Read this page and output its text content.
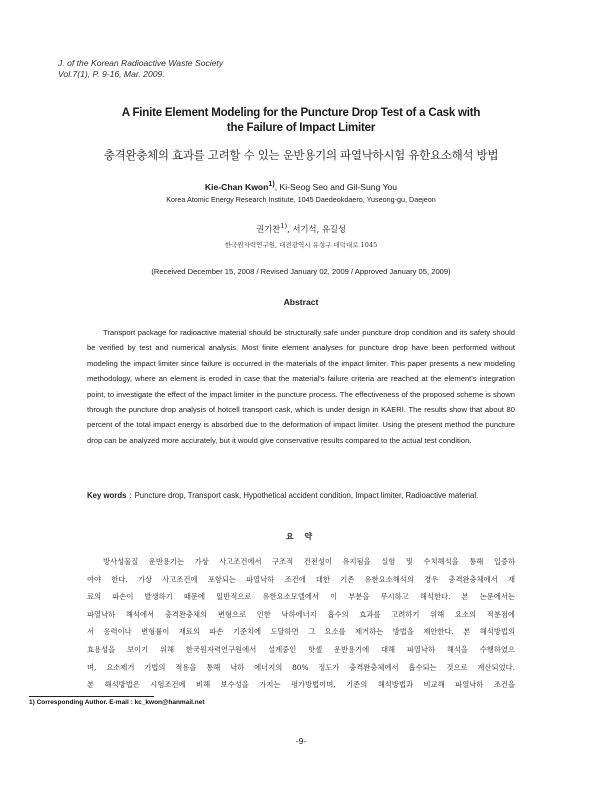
J. of the Korean Radioactive Waste Society
Vol.7(1), P. 9-16, Mar. 2009.
A Finite Element Modeling for the Puncture Drop Test of a Cask with
the Failure of Impact Limiter
충격완충체의 효과를 고려할 수 있는 운반용기의 파열낙하시험 유한요소해석 방법
Kie-Chan Kwon$^{1)}$, Ki-Seog Seo and Gil-Sung You
Korea Atomic Energy Research Institute, 1045 Daedeokdaero, Yuseong-gu, Daejeon
권기찬$^{1)}$, 서기석, 유길성
한국원자력연구원, 대전광역시 유성구 대덕대로 1045
(Received December 15, 2008 / Revised January 02, 2009 / Approved January 05, 2009)
Abstract
Transport package for radioactive material should be structurally safe under puncture drop condition and its safety should be verified by test and numerical analysis. Most finite element analyses for puncture drop have been performed without modeling the impact limiter since failure is occurred in the materials of the impact limiter. This paper presents a new modeling methodology, where an element is eroded in case that the material's failure criteria are reached at the element's integration point, to investigate the effect of the impact limiter in the puncture process. The effectiveness of the proposed scheme is shown through the puncture drop analysis of hotcell transport cask, which is under design in KAERI. The results show that about 80 percent of the total impact energy is absorbed due to the deformation of impact limiter. Using the present method the puncture drop can be analyzed more accurately, but it would give conservative results compared to the actual test condition.
Key words : Puncture drop, Transport cask, Hypothetical accident condition, Impact limiter, Radioactive material.
요 약
방사성물질 운반용기는 가상 사고조건에서 구조적 건전성이 유지됨을 실험 및 수치해석을 통해 입증하
여야 한다. 가상 사고조건에 포함되는 파열낙하 조건에 대한 기존 유한요소해석의 경우 충격완충체에서 재
료의 파손이 발생하기 때문에 일반적으로 유한요소모델에서 이 부분을 무시하고 해석한다. 본 논문에서는
파열낙하 해석에서 충격완충체의 변형으로 인한 낙하에너지 흡수의 효과를 고려하기 위해 요소의 적분점에
서 응력이나 변형률이 재료의 파손 기준치에 도달하면 그 요소를 제거하는 방법을 제안한다. 본 해석방법의
효용성을 보이기 위해 한국원자력연구원에서 설계중인 핫셀 운반용기에 대해 파열낙하 해석을 수행하였으
며, 요소제거 기법의 적용을 통해 낙하 에너지의 80% 정도가 충격완충체에서 흡수되는 것으로 계산되었다.
본 해석방법은 시험조건에 비해 보수성을 가지는 평가방법이며, 기존의 해석방법과 비교해 파열낙하 조건을
1) Corresponding Author. E-mail : kc_kwon@hanmail.net
-9-
